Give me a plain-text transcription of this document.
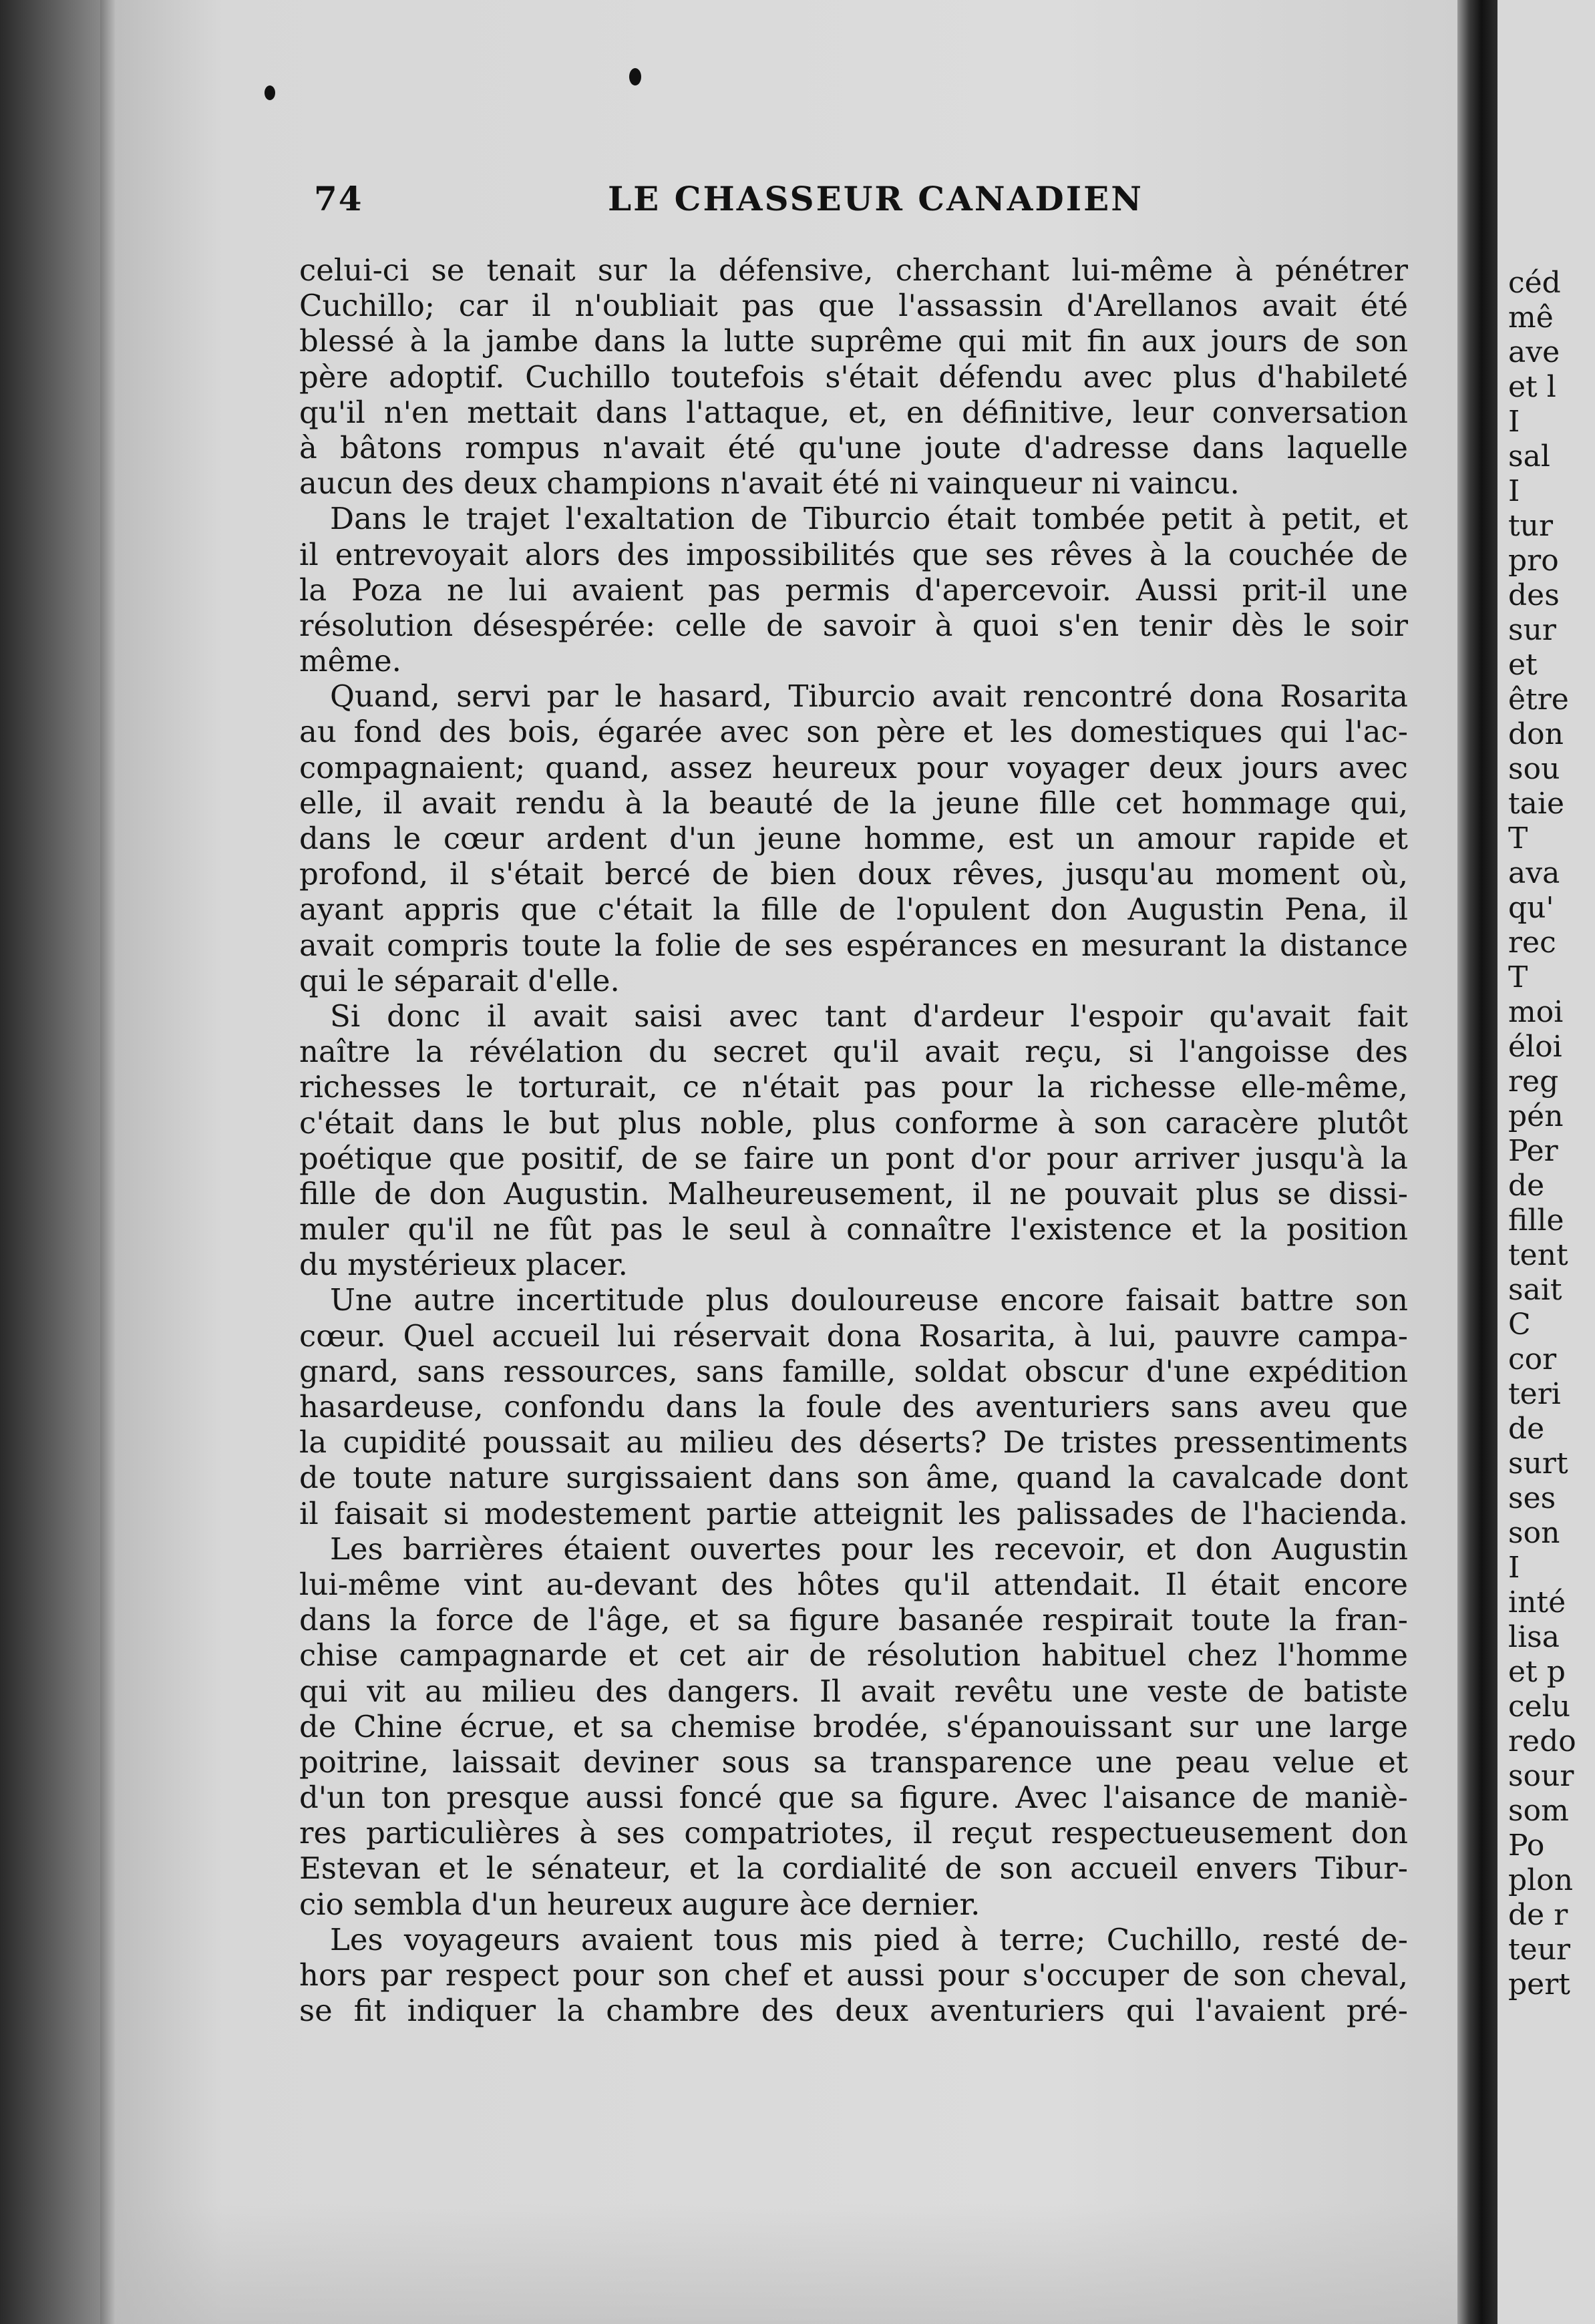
74	LE CHASSEUR CANADIEN
celui-ci se tenait sur la défensive, cherchant lui-même à pénétrer
Cuchillo; car il n'oubliait pas que l'assassin d'Arellanos avait été
blessé à la jambe dans la lutte suprême qui mit fin aux jours de son
père adoptif. Cuchillo toutefois s'était défendu avec plus d'habileté
qu'il n'en mettait dans l'attaque, et, en définitive, leur conversation
à bâtons rompus n'avait été qu'une joute d'adresse dans laquelle
aucun des deux champions n'avait été ni vainqueur ni vaincu.
Dans le trajet l'exaltation de Tiburcio était tombée petit à petit, et
il entrevoyait alors des impossibilités que ses rêves à la couchée de
la Poza ne lui avaient pas permis d'apercevoir. Aussi prit-il une
résolution désespérée: celle de savoir à quoi s'en tenir dès le soir
même.
Quand, servi par le hasard, Tiburcio avait rencontré dona Rosarita
au fond des bois, égarée avec son père et les domestiques qui l'ac-
compagnaient; quand, assez heureux pour voyager deux jours avec
elle, il avait rendu à la beauté de la jeune fille cet hommage qui,
dans le cœur ardent d'un jeune homme, est un amour rapide et
profond, il s'était bercé de bien doux rêves, jusqu'au moment où,
ayant appris que c'était la fille de l'opulent don Augustin Pena, il
avait compris toute la folie de ses espérances en mesurant la distance
qui le séparait d'elle.
Si donc il avait saisi avec tant d'ardeur l'espoir qu'avait fait
naître la révélation du secret qu'il avait reçu, si l'angoisse des
richesses le torturait, ce n'était pas pour la richesse elle-même,
c'était dans le but plus noble, plus conforme à son caracère plutôt
poétique que positif, de se faire un pont d'or pour arriver jusqu'à la
fille de don Augustin. Malheureusement, il ne pouvait plus se dissi-
muler qu'il ne fût pas le seul à connaître l'existence et la position
du mystérieux placer.
Une autre incertitude plus douloureuse encore faisait battre son
cœur. Quel accueil lui réservait dona Rosarita, à lui, pauvre campa-
gnard, sans ressources, sans famille, soldat obscur d'une expédition
hasardeuse, confondu dans la foule des aventuriers sans aveu que
la cupidité poussait au milieu des déserts? De tristes pressentiments
de toute nature surgissaient dans son âme, quand la cavalcade dont
il faisait si modestement partie atteignit les palissades de l'hacienda.
Les barrières étaient ouvertes pour les recevoir, et don Augustin
lui-même vint au-devant des hôtes qu'il attendait. Il était encore
dans la force de l'âge, et sa figure basanée respirait toute la fran-
chise campagnarde et cet air de résolution habituel chez l'homme
qui vit au milieu des dangers. Il avait revêtu une veste de batiste
de Chine écrue, et sa chemise brodée, s'épanouissant sur une large
poitrine, laissait deviner sous sa transparence une peau velue et
d'un ton presque aussi foncé que sa figure. Avec l'aisance de maniè-
res particulières à ses compatriotes, il reçut respectueusement don
Estevan et le sénateur, et la cordialité de son accueil envers Tibur-
cio sembla d'un heureux augure àce dernier.
Les voyageurs avaient tous mis pied à terre; Cuchillo, resté de-
hors par respect pour son chef et aussi pour s'occuper de son cheval,
se fit indiquer la chambre des deux aventuriers qui l'avaient pré-
céd
mê
ave
et l
I
sal
I
tur
pro
des
sur
et
être
don
sou
taie
T
ava
qu'
rec
T
moi
éloi
reg
pén
Per
de
fille
tent
sait
C
cor
teri
de
surt
ses
son
I
inté
lisa
et p
celu
redo
sour
som
Po
plon
de r
teur
pert
